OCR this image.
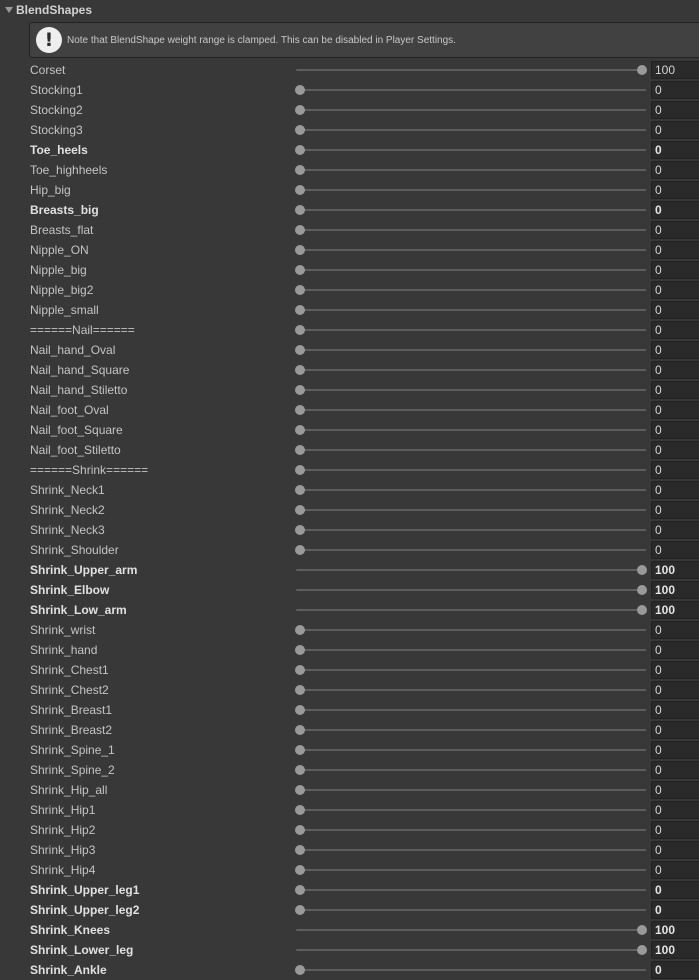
BlendShapes
!	Note that BlendShape weight range is clamped. This can be disabled in Player Settings.
Corset	100
Stocking1	0
Stocking2	0
Stocking3	0
Toe_heels	0
Toe_highheels	0
Hip_big	0
Breasts_big	0
Breasts_flat	0
Nipple_ON	0
Nipple_big	0
Nipple_big2	0
Nipple_small	0
======Nail======	0
Nail_hand_Oval	0
Nail_hand_Square	0
Nail_hand_Stiletto	0
Nail_foot_Oval	0
Nail_foot_Square	0
Nail_foot_Stiletto	0
======Shrink======	0
Shrink_Neck1	0
Shrink_Neck2	0
Shrink_Neck3	0
Shrink_Shoulder	0
Shrink_Upper_arm	100
Shrink_Elbow	100
Shrink_Low_arm	100
Shrink_wrist	0
Shrink_hand	0
Shrink_Chest1	0
Shrink_Chest2	0
Shrink_Breast1	0
Shrink_Breast2	0
Shrink_Spine_1	0
Shrink_Spine_2	0
Shrink_Hip_all	0
Shrink_Hip1	0
Shrink_Hip2	0
Shrink_Hip3	0
Shrink_Hip4	0
Shrink_Upper_leg1	0
Shrink_Upper_leg2	0
Shrink_Knees	100
Shrink_Lower_leg	100
Shrink_Ankle	0
